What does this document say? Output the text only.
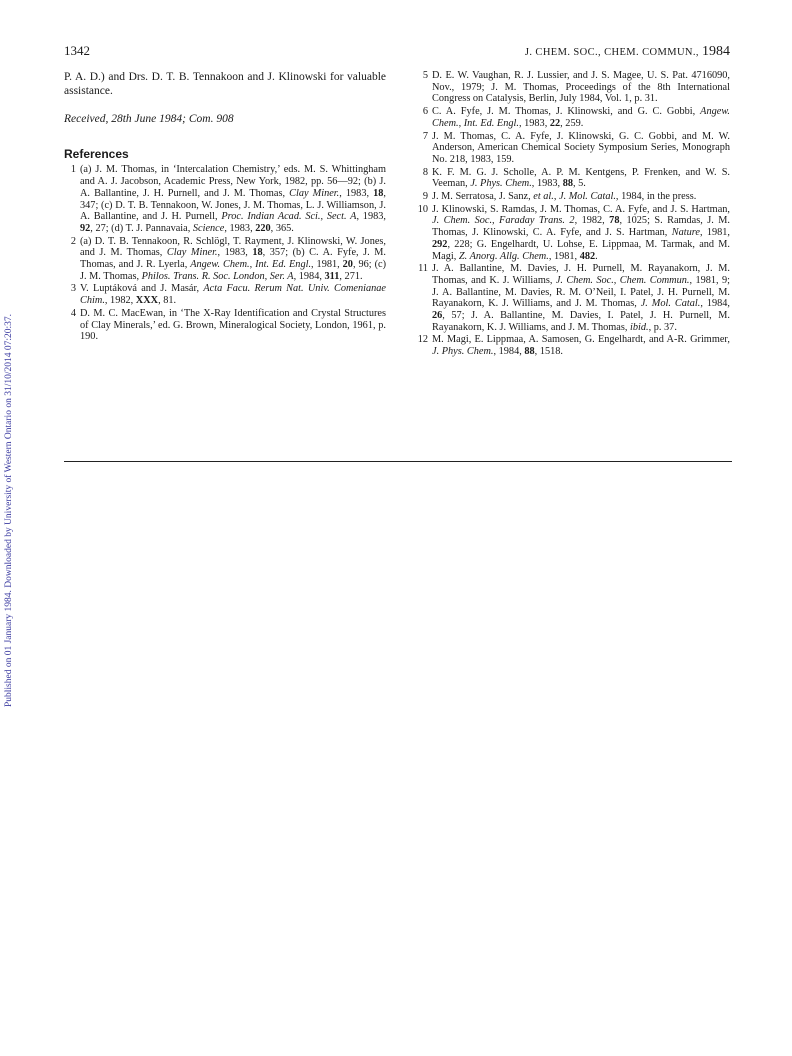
Published on 01 January 1984. Downloaded by University of Western Ontario on 31/10/2014 07:20:37.
1342	J. CHEM. SOC., CHEM. COMMUN., 1984
P. A. D.) and Drs. D. T. B. Tennakoon and J. Klinowski for valuable assistance.
Received, 28th June 1984; Com. 908
References
1 (a) J. M. Thomas, in ‘Intercalation Chemistry,’ eds. M. S. Whittingham and A. J. Jacobson, Academic Press, New York, 1982, pp. 56—92; (b) J. A. Ballantine, J. H. Purnell, and J. M. Thomas, Clay Miner., 1983, 18, 347; (c) D. T. B. Tennakoon, W. Jones, J. M. Thomas, L. J. Williamson, J. A. Ballantine, and J. H. Purnell, Proc. Indian Acad. Sci., Sect. A, 1983, 92, 27; (d) T. J. Pannavaia, Science, 1983, 220, 365.
2 (a) D. T. B. Tennakoon, R. Schlögl, T. Rayment, J. Klinowski, W. Jones, and J. M. Thomas, Clay Miner., 1983, 18, 357; (b) C. A. Fyfe, J. M. Thomas, and J. R. Lyerla, Angew. Chem., Int. Ed. Engl., 1981, 20, 96; (c) J. M. Thomas, Philos. Trans. R. Soc. London, Ser. A, 1984, 311, 271.
3 V. Luptáková and J. Masár, Acta Facu. Rerum Nat. Univ. Comenianae Chim., 1982, XXX, 81.
4 D. M. C. MacEwan, in ‘The X-Ray Identification and Crystal Structures of Clay Minerals,’ ed. G. Brown, Mineralogical Society, London, 1961, p. 190.
5 D. E. W. Vaughan, R. J. Lussier, and J. S. Magee, U. S. Pat. 4716090, Nov., 1979; J. M. Thomas, Proceedings of the 8th International Congress on Catalysis, Berlin, July 1984, Vol. 1, p. 31.
6 C. A. Fyfe, J. M. Thomas, J. Klinowski, and G. C. Gobbi, Angew. Chem., Int. Ed. Engl., 1983, 22, 259.
7 J. M. Thomas, C. A. Fyfe, J. Klinowski, G. C. Gobbi, and M. W. Anderson, American Chemical Society Symposium Series, Monograph No. 218, 1983, 159.
8 K. F. M. G. J. Scholle, A. P. M. Kentgens, P. Frenken, and W. S. Veeman, J. Phys. Chem., 1983, 88, 5.
9 J. M. Serratosa, J. Sanz, et al., J. Mol. Catal., 1984, in the press.
10 J. Klinowski, S. Ramdas, J. M. Thomas, C. A. Fyfe, and J. S. Hartman, J. Chem. Soc., Faraday Trans. 2, 1982, 78, 1025; S. Ramdas, J. M. Thomas, J. Klinowski, C. A. Fyfe, and J. S. Hartman, Nature, 1981, 292, 228; G. Engelhardt, U. Lohse, E. Lippmaa, M. Tarmak, and M. Magi, Z. Anorg. Allg. Chem., 1981, 482.
11 J. A. Ballantine, M. Davies, J. H. Purnell, M. Rayanakorn, J. M. Thomas, and K. J. Williams, J. Chem. Soc., Chem. Commun., 1981, 9; J. A. Ballantine, M. Davies, R. M. O’Neil, I. Patel, J. H. Purnell, M. Rayanakorn, K. J. Williams, and J. M. Thomas, J. Mol. Catal., 1984, 26, 57; J. A. Ballantine, M. Davies, I. Patel, J. H. Purnell, M. Rayanakorn, K. J. Williams, and J. M. Thomas, ibid., p. 37.
12 M. Magi, E. Lippmaa, A. Samosen, G. Engelhardt, and A-R. Grimmer, J. Phys. Chem., 1984, 88, 1518.
